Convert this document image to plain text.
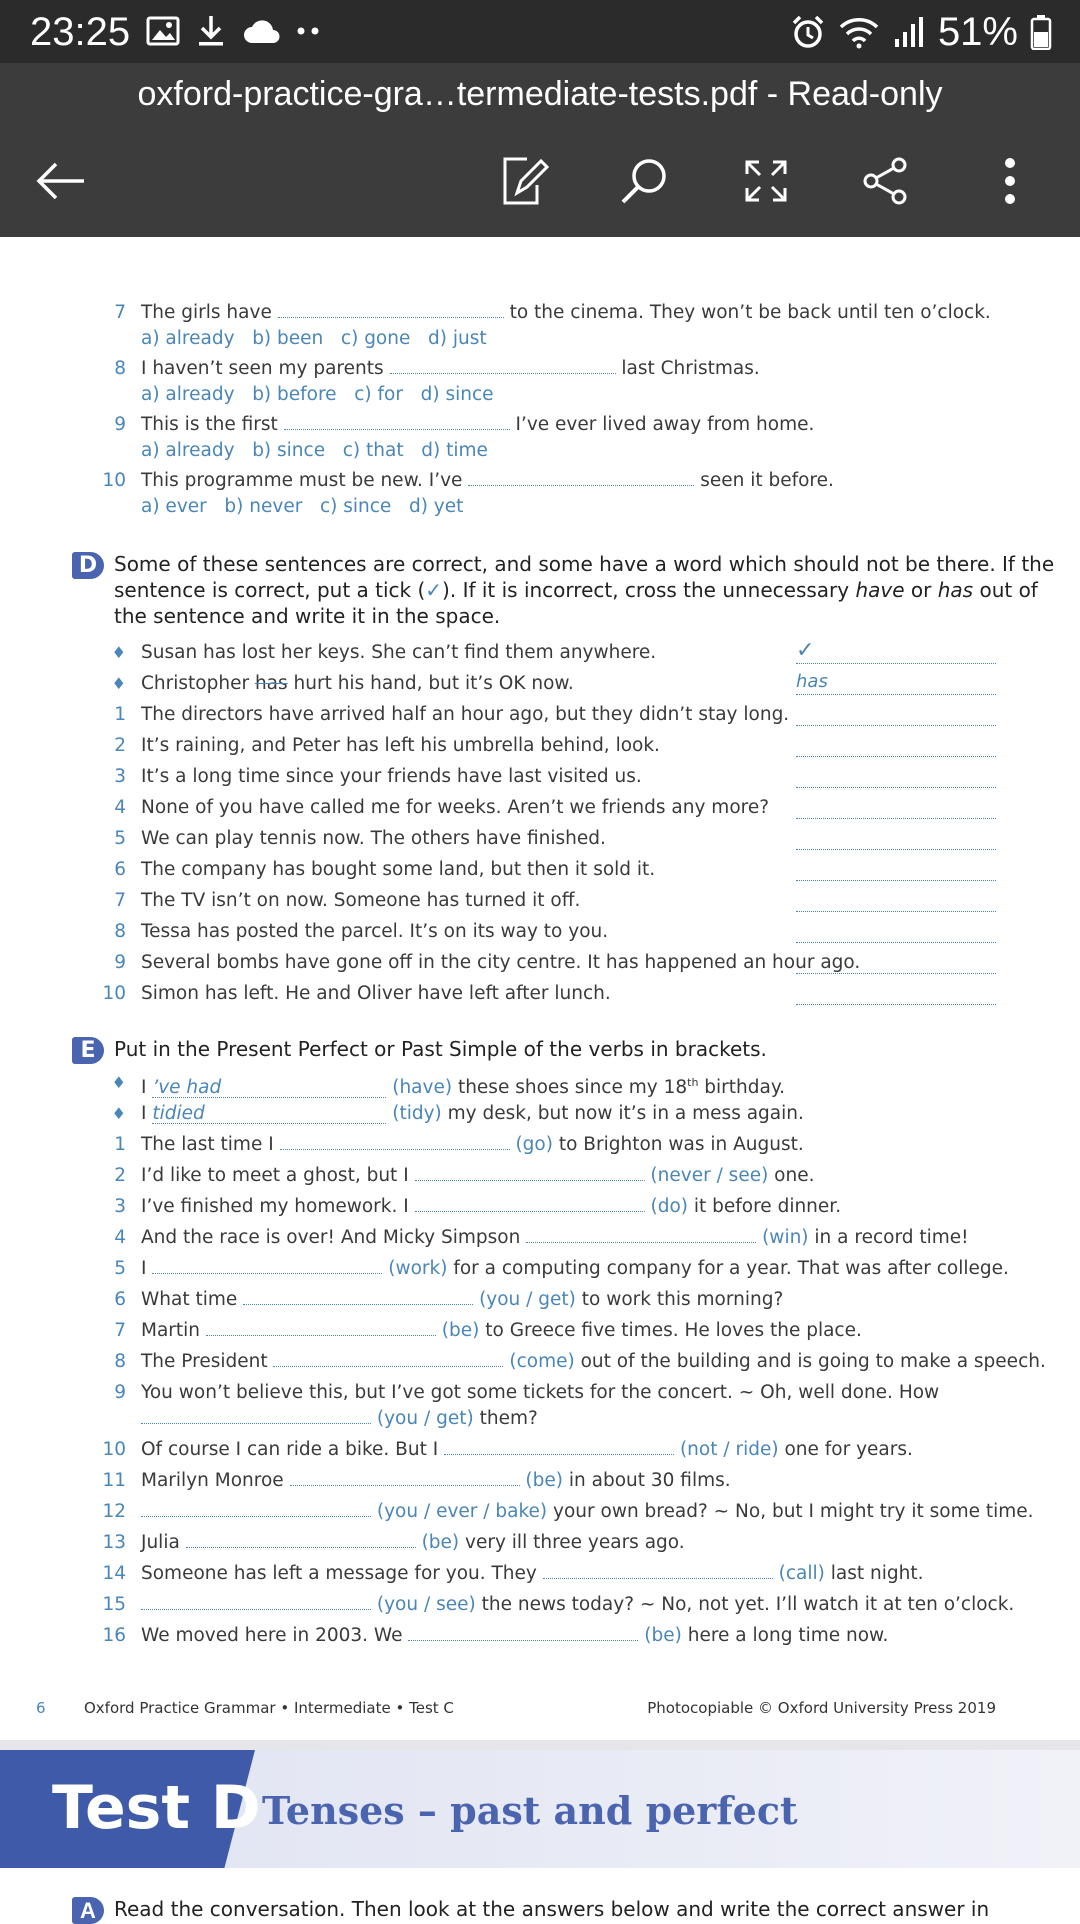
23:25	51%
oxford-practice-gra…termediate-tests.pdf - Read-only
7 The girls have	to the cinema. They won’t be back until ten o’clock.
a) already b) been c) gone d) just
8 I haven’t seen my parents	last Christmas.
a) already b) before c) for d) since
9 This is the first	I’ve ever lived away from home.
a) already b) since c) that d) time
10 This programme must be new. I’ve	seen it before.
a) ever b) never c) since d) yet
D Some of these sentences are correct, and some have a word which should not be there. If the
sentence is correct, put a tick (✓). If it is incorrect, cross the unnecessary have or has out of
the sentence and write it in the space.
♦ Susan has lost her keys. She can’t find them anywhere.	✓
♦ Christopher has hurt his hand, but it’s OK now.	has
1 The directors have arrived half an hour ago, but they didn’t stay long.
2 It’s raining, and Peter has left his umbrella behind, look.
3 It’s a long time since your friends have last visited us.
4 None of you have called me for weeks. Aren’t we friends any more?
5 We can play tennis now. The others have finished.
6 The company has bought some land, but then it sold it.
7 The TV isn’t on now. Someone has turned it off.
8 Tessa has posted the parcel. It’s on its way to you.
9 Several bombs have gone off in the city centre. It has happened an hour ago.
10 Simon has left. He and Oliver have left after lunch.
E Put in the Present Perfect or Past Simple of the verbs in brackets.
♦ I ’ve had	(have) these shoes since my 18th birthday.
♦ I tidied	(tidy) my desk, but now it’s in a mess again.
1 The last time I	(go) to Brighton was in August.
2 I’d like to meet a ghost, but I	(never / see) one.
3 I’ve finished my homework. I	(do) it before dinner.
4 And the race is over! And Micky Simpson	(win) in a record time!
5 I	(work) for a computing company for a year. That was after college.
6 What time	(you / get) to work this morning?
7 Martin	(be) to Greece five times. He loves the place.
8 The President	(come) out of the building and is going to make a speech.
9 You won’t believe this, but I’ve got some tickets for the concert. ~ Oh, well done. How
(you / get) them?
10 Of course I can ride a bike. But I	(not / ride) one for years.
11 Marilyn Monroe	(be) in about 30 films.
12	(you / ever / bake) your own bread? ~ No, but I might try it some time.
13 Julia	(be) very ill three years ago.
14 Someone has left a message for you. They	(call) last night.
15	(you / see) the news today? ~ No, not yet. I’ll watch it at ten o’clock.
16 We moved here in 2003. We	(be) here a long time now.
6	Oxford Practice Grammar • Intermediate • Test C	Photocopiable © Oxford University Press 2019
Test D Tenses – past and perfect
A Read the conversation. Then look at the answers below and write the correct answer in
